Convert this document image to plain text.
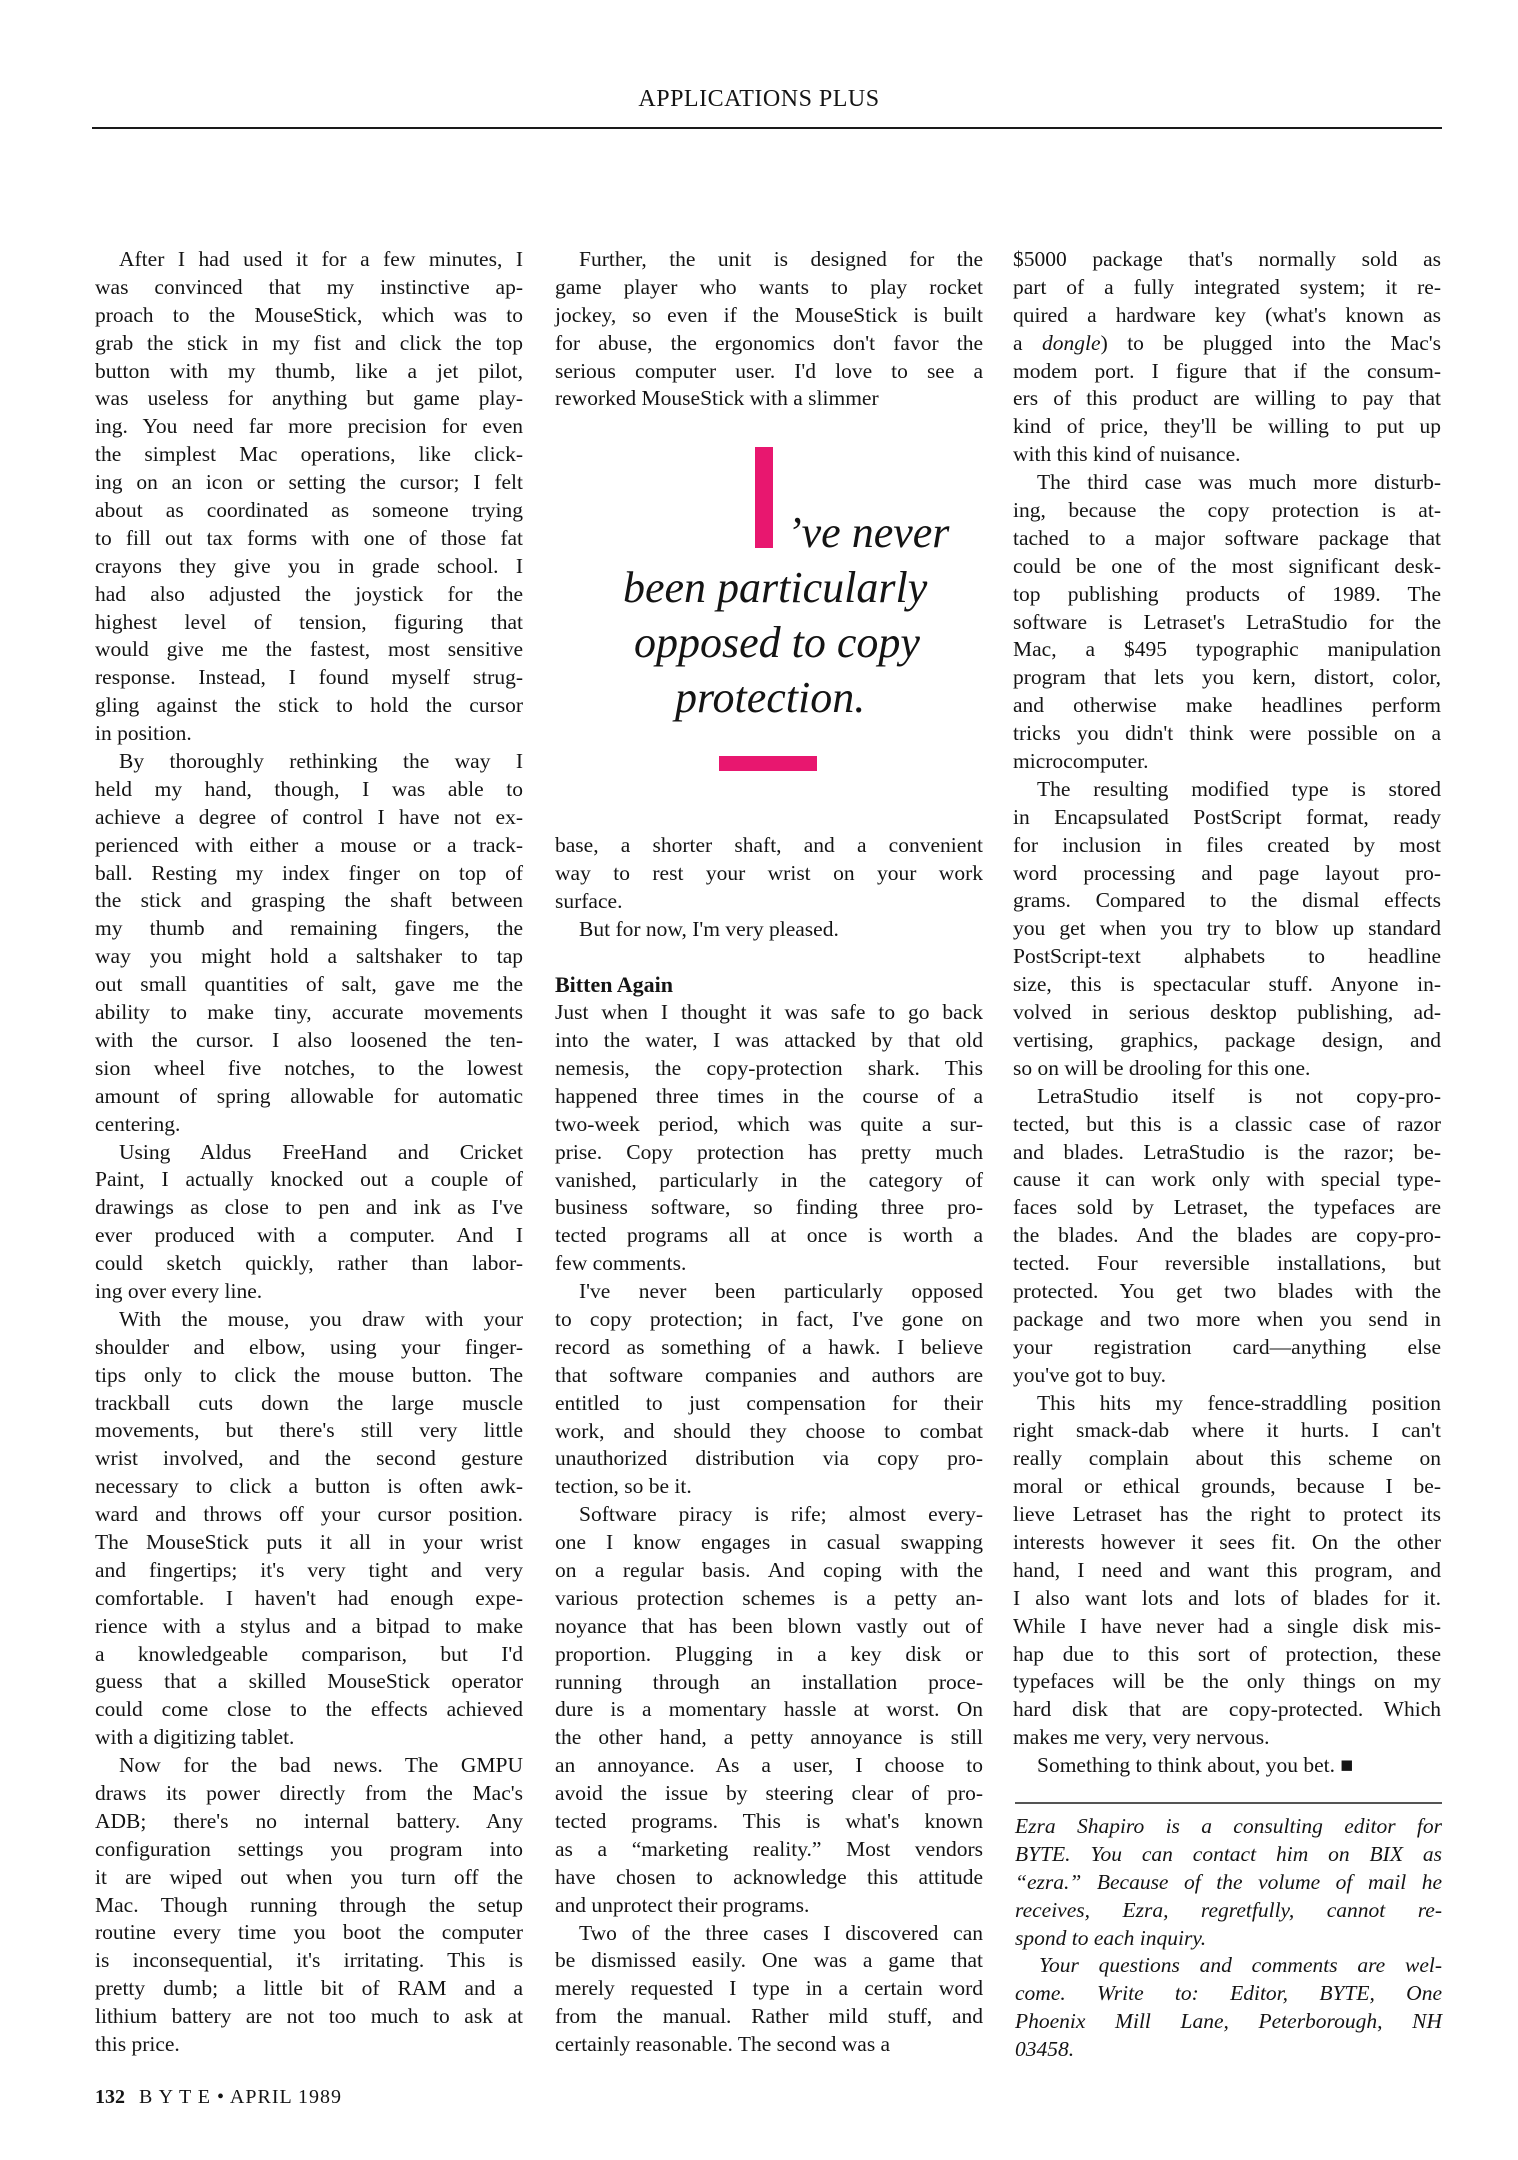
APPLICATIONS PLUS
After I had used it for a few minutes, I
was convinced that my instinctive ap-
proach to the MouseStick, which was to
grab the stick in my fist and click the top
button with my thumb, like a jet pilot,
was useless for anything but game play-
ing. You need far more precision for even
the simplest Mac operations, like click-
ing on an icon or setting the cursor; I felt
about as coordinated as someone trying
to fill out tax forms with one of those fat
crayons they give you in grade school. I
had also adjusted the joystick for the
highest level of tension, figuring that
would give me the fastest, most sensitive
response. Instead, I found myself strug-
gling against the stick to hold the cursor
in position.
By thoroughly rethinking the way I
held my hand, though, I was able to
achieve a degree of control I have not ex-
perienced with either a mouse or a track-
ball. Resting my index finger on top of
the stick and grasping the shaft between
my thumb and remaining fingers, the
way you might hold a saltshaker to tap
out small quantities of salt, gave me the
ability to make tiny, accurate movements
with the cursor. I also loosened the ten-
sion wheel five notches, to the lowest
amount of spring allowable for automatic
centering.
Using Aldus FreeHand and Cricket
Paint, I actually knocked out a couple of
drawings as close to pen and ink as I've
ever produced with a computer. And I
could sketch quickly, rather than labor-
ing over every line.
With the mouse, you draw with your
shoulder and elbow, using your finger-
tips only to click the mouse button. The
trackball cuts down the large muscle
movements, but there's still very little
wrist involved, and the second gesture
necessary to click a button is often awk-
ward and throws off your cursor position.
The MouseStick puts it all in your wrist
and fingertips; it's very tight and very
comfortable. I haven't had enough expe-
rience with a stylus and a bitpad to make
a knowledgeable comparison, but I'd
guess that a skilled MouseStick operator
could come close to the effects achieved
with a digitizing tablet.
Now for the bad news. The GMPU
draws its power directly from the Mac's
ADB; there's no internal battery. Any
configuration settings you program into
it are wiped out when you turn off the
Mac. Though running through the setup
routine every time you boot the computer
is inconsequential, it's irritating. This is
pretty dumb; a little bit of RAM and a
lithium battery are not too much to ask at
this price.
Further, the unit is designed for the
game player who wants to play rocket
jockey, so even if the MouseStick is built
for abuse, the ergonomics don't favor the
serious computer user. I'd love to see a
reworked MouseStick with a slimmer
base, a shorter shaft, and a convenient
way to rest your wrist on your work
surface.
But for now, I'm very pleased.
Bitten Again
Just when I thought it was safe to go back
into the water, I was attacked by that old
nemesis, the copy-protection shark. This
happened three times in the course of a
two-week period, which was quite a sur-
prise. Copy protection has pretty much
vanished, particularly in the category of
business software, so finding three pro-
tected programs all at once is worth a
few comments.
I've never been particularly opposed
to copy protection; in fact, I've gone on
record as something of a hawk. I believe
that software companies and authors are
entitled to just compensation for their
work, and should they choose to combat
unauthorized distribution via copy pro-
tection, so be it.
Software piracy is rife; almost every-
one I know engages in casual swapping
on a regular basis. And coping with the
various protection schemes is a petty an-
noyance that has been blown vastly out of
proportion. Plugging in a key disk or
running through an installation proce-
dure is a momentary hassle at worst. On
the other hand, a petty annoyance is still
an annoyance. As a user, I choose to
avoid the issue by steering clear of pro-
tected programs. This is what's known
as a “marketing reality.” Most vendors
have chosen to acknowledge this attitude
and unprotect their programs.
Two of the three cases I discovered can
be dismissed easily. One was a game that
merely requested I type in a certain word
from the manual. Rather mild stuff, and
certainly reasonable. The second was a
$5000 package that's normally sold as
part of a fully integrated system; it re-
quired a hardware key (what's known as
a dongle) to be plugged into the Mac's
modem port. I figure that if the consum-
ers of this product are willing to pay that
kind of price, they'll be willing to put up
with this kind of nuisance.
The third case was much more disturb-
ing, because the copy protection is at-
tached to a major software package that
could be one of the most significant desk-
top publishing products of 1989. The
software is Letraset's LetraStudio for the
Mac, a $495 typographic manipulation
program that lets you kern, distort, color,
and otherwise make headlines perform
tricks you didn't think were possible on a
microcomputer.
The resulting modified type is stored
in Encapsulated PostScript format, ready
for inclusion in files created by most
word processing and page layout pro-
grams. Compared to the dismal effects
you get when you try to blow up standard
PostScript-text alphabets to headline
size, this is spectacular stuff. Anyone in-
volved in serious desktop publishing, ad-
vertising, graphics, package design, and
so on will be drooling for this one.
LetraStudio itself is not copy-pro-
tected, but this is a classic case of razor
and blades. LetraStudio is the razor; be-
cause it can work only with special type-
faces sold by Letraset, the typefaces are
the blades. And the blades are copy-pro-
tected. Four reversible installations, but
protected. You get two blades with the
package and two more when you send in
your registration card—anything else
you've got to buy.
This hits my fence-straddling position
right smack-dab where it hurts. I can't
really complain about this scheme on
moral or ethical grounds, because I be-
lieve Letraset has the right to protect its
interests however it sees fit. On the other
hand, I need and want this program, and
I also want lots and lots of blades for it.
While I have never had a single disk mis-
hap due to this sort of protection, these
typefaces will be the only things on my
hard disk that are copy-protected. Which
makes me very, very nervous.
Something to think about, you bet. ■
’ve never
been particularly
opposed to copy
protection.
Ezra Shapiro is a consulting editor for
BYTE. You can contact him on BIX as
“ezra.” Because of the volume of mail he
receives, Ezra, regretfully, cannot re-
spond to each inquiry.
Your questions and comments are wel-
come. Write to: Editor, BYTE, One
Phoenix Mill Lane, Peterborough, NH
03458.
132 B Y T E • APRIL 1989
